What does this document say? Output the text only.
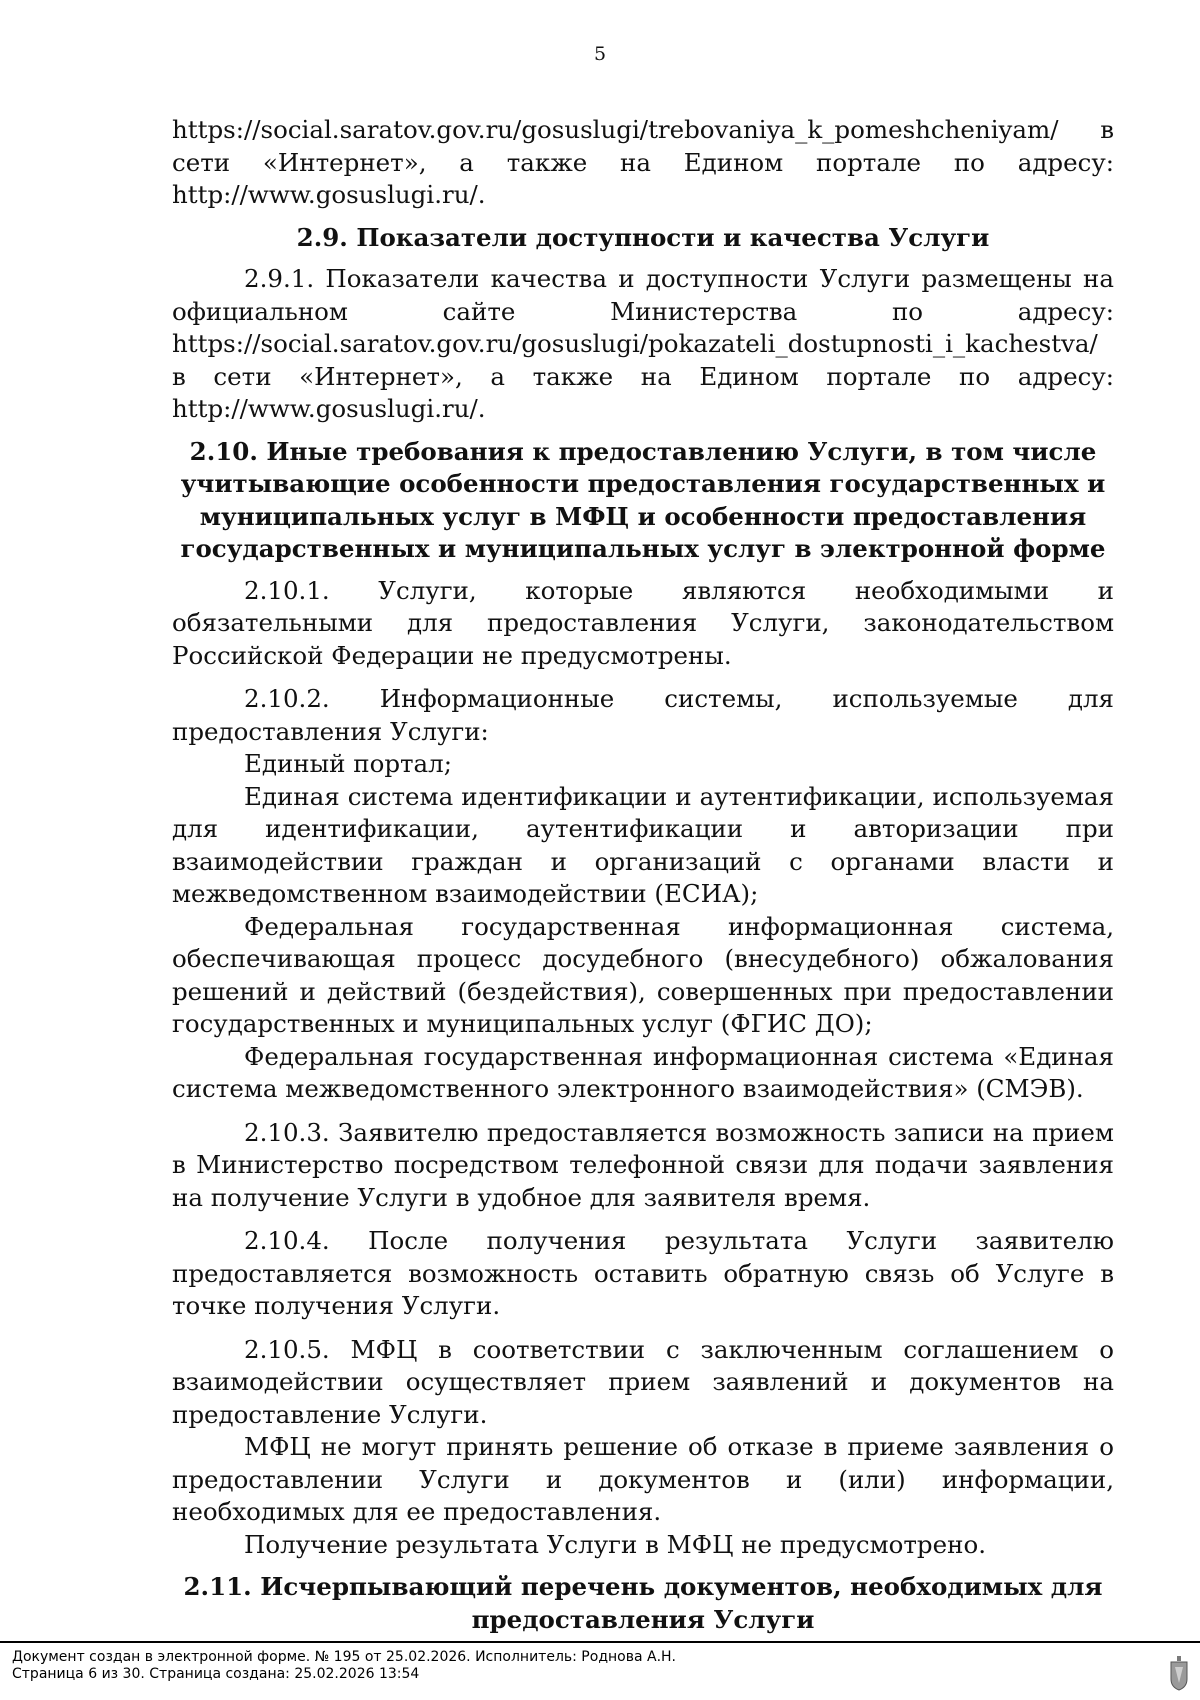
5

https://social.saratov.gov.ru/gosuslugi/trebovaniya_k_pomeshcheniyam/ в сети «Интернет», а также на Едином портале по адресу: http://www.gosuslugi.ru/.

2.9. Показатели доступности и качества Услуги

2.9.1. Показатели качества и доступности Услуги размещены на официальном сайте Министерства по адресу: https://social.saratov.gov.ru/gosuslugi/pokazateli_dostupnosti_i_kachestva/ в сети «Интернет», а также на Едином портале по адресу: http://www.gosuslugi.ru/.

2.10. Иные требования к предоставлению Услуги, в том числе
учитывающие особенности предоставления государственных и
муниципальных услуг в МФЦ и особенности предоставления
государственных и муниципальных услуг в электронной форме

2.10.1. Услуги, которые являются необходимыми и обязательными для предоставления Услуги, законодательством Российской Федерации не предусмотрены.

2.10.2. Информационные системы, используемые для предоставления Услуги:

Единый портал;

Единая система идентификации и аутентификации, используемая для идентификации, аутентификации и авторизации при взаимодействии граждан и организаций с органами власти и межведомственном взаимодействии (ЕСИА);

Федеральная государственная информационная система, обеспечивающая процесс досудебного (внесудебного) обжалования решений и действий (бездействия), совершенных при предоставлении государственных и муниципальных услуг (ФГИС ДО);

Федеральная государственная информационная система «Единая система межведомственного электронного взаимодействия» (СМЭВ).

2.10.3. Заявителю предоставляется возможность записи на прием в Министерство посредством телефонной связи для подачи заявления на получение Услуги в удобное для заявителя время.

2.10.4. После получения результата Услуги заявителю предоставляется возможность оставить обратную связь об Услуге в точке получения Услуги.

2.10.5. МФЦ в соответствии с заключенным соглашением о взаимодействии осуществляет прием заявлений и документов на предоставление Услуги.

МФЦ не могут принять решение об отказе в приеме заявления о предоставлении Услуги и документов и (или) информации, необходимых для ее предоставления.

Получение результата Услуги в МФЦ не предусмотрено.

2.11. Исчерпывающий перечень документов, необходимых для
предоставления Услуги
Документ создан в электронной форме. № 195 от 25.02.2026. Исполнитель: Роднова А.Н.
Страница 6 из 30. Страница создана: 25.02.2026 13:54
